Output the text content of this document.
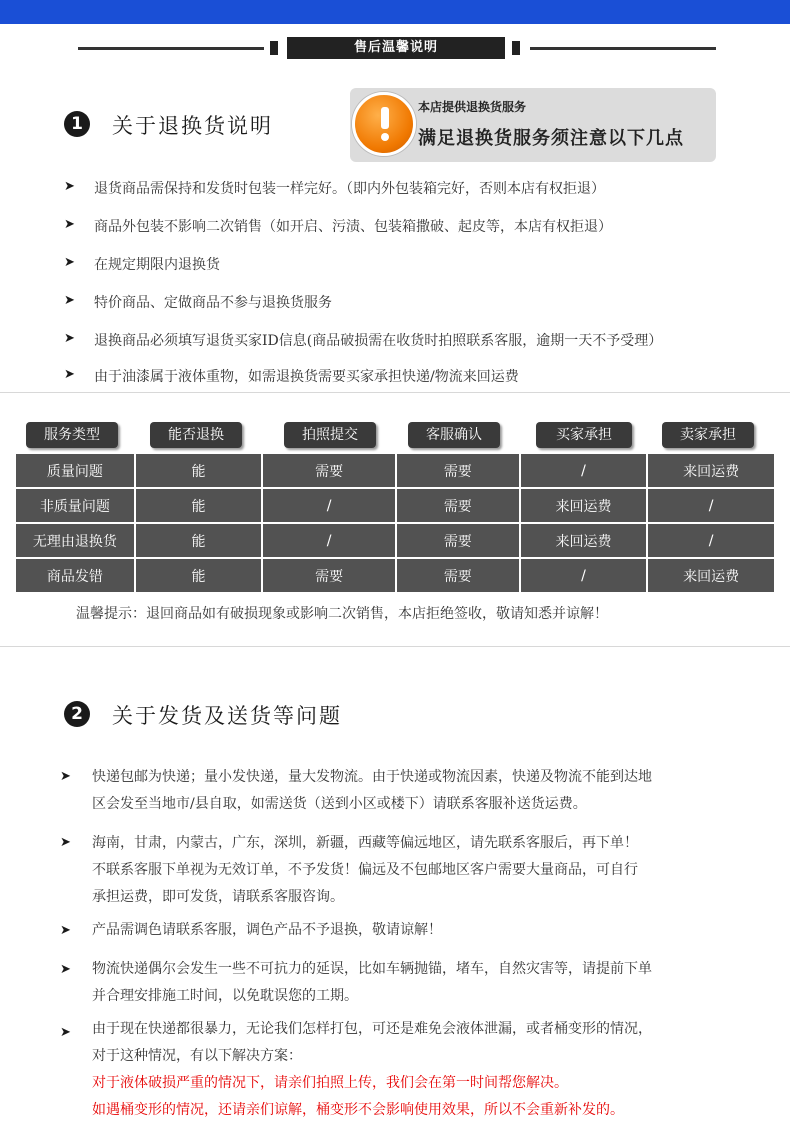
售后温馨说明
1	关于退换货说明
本店提供退换货服务
满足退换货服务须注意以下几点
➤ 退货商品需保持和发货时包装一样完好。（即内外包装箱完好，否则本店有权拒退）
➤ 商品外包装不影响二次销售（如开启、污渍、包装箱撒破、起皮等，本店有权拒退）
➤ 在规定期限内退换货
➤ 特价商品、定做商品不参与退换货服务
➤ 退换商品必须填写退货买家ID信息(商品破损需在收货时拍照联系客服，逾期一天不予受理）
➤ 由于油漆属于液体重物，如需退换货需要买家承担快递/物流来回运费
服务类型	能否退换	拍照提交	客服确认	买家承担	卖家承担
质量问题	能	需要	需要	/	来回运费
非质量问题	能	/	需要	来回运费	/
无理由退换货	能	/	需要	来回运费	/
商品发错	能	需要	需要	/	来回运费
温馨提示：退回商品如有破损现象或影响二次销售，本店拒绝签收，敬请知悉并谅解！
2	关于发货及送货等问题
➤ 快递包邮为快递；量小发快递，量大发物流。由于快递或物流因素，快递及物流不能到达地
区会发至当地市/县自取，如需送货（送到小区或楼下）请联系客服补送货运费。
➤ 海南，甘肃，内蒙古，广东，深圳，新疆，西藏等偏远地区，请先联系客服后，再下单！
不联系客服下单视为无效订单，不予发货！偏远及不包邮地区客户需要大量商品，可自行
承担运费，即可发货，请联系客服咨询。
➤ 产品需调色请联系客服，调色产品不予退换，敬请谅解！
➤ 物流快递偶尔会发生一些不可抗力的延误，比如车辆抛锚，堵车，自然灾害等，请提前下单
并合理安排施工时间，以免耽误您的工期。
➤ 由于现在快递都很暴力，无论我们怎样打包，可还是难免会液体泄漏，或者桶变形的情况，
对于这种情况，有以下解决方案：
对于液体破损严重的情况下，请亲们拍照上传，我们会在第一时间帮您解决。
如遇桶变形的情况，还请亲们谅解，桶变形不会影响使用效果，所以不会重新补发的。
